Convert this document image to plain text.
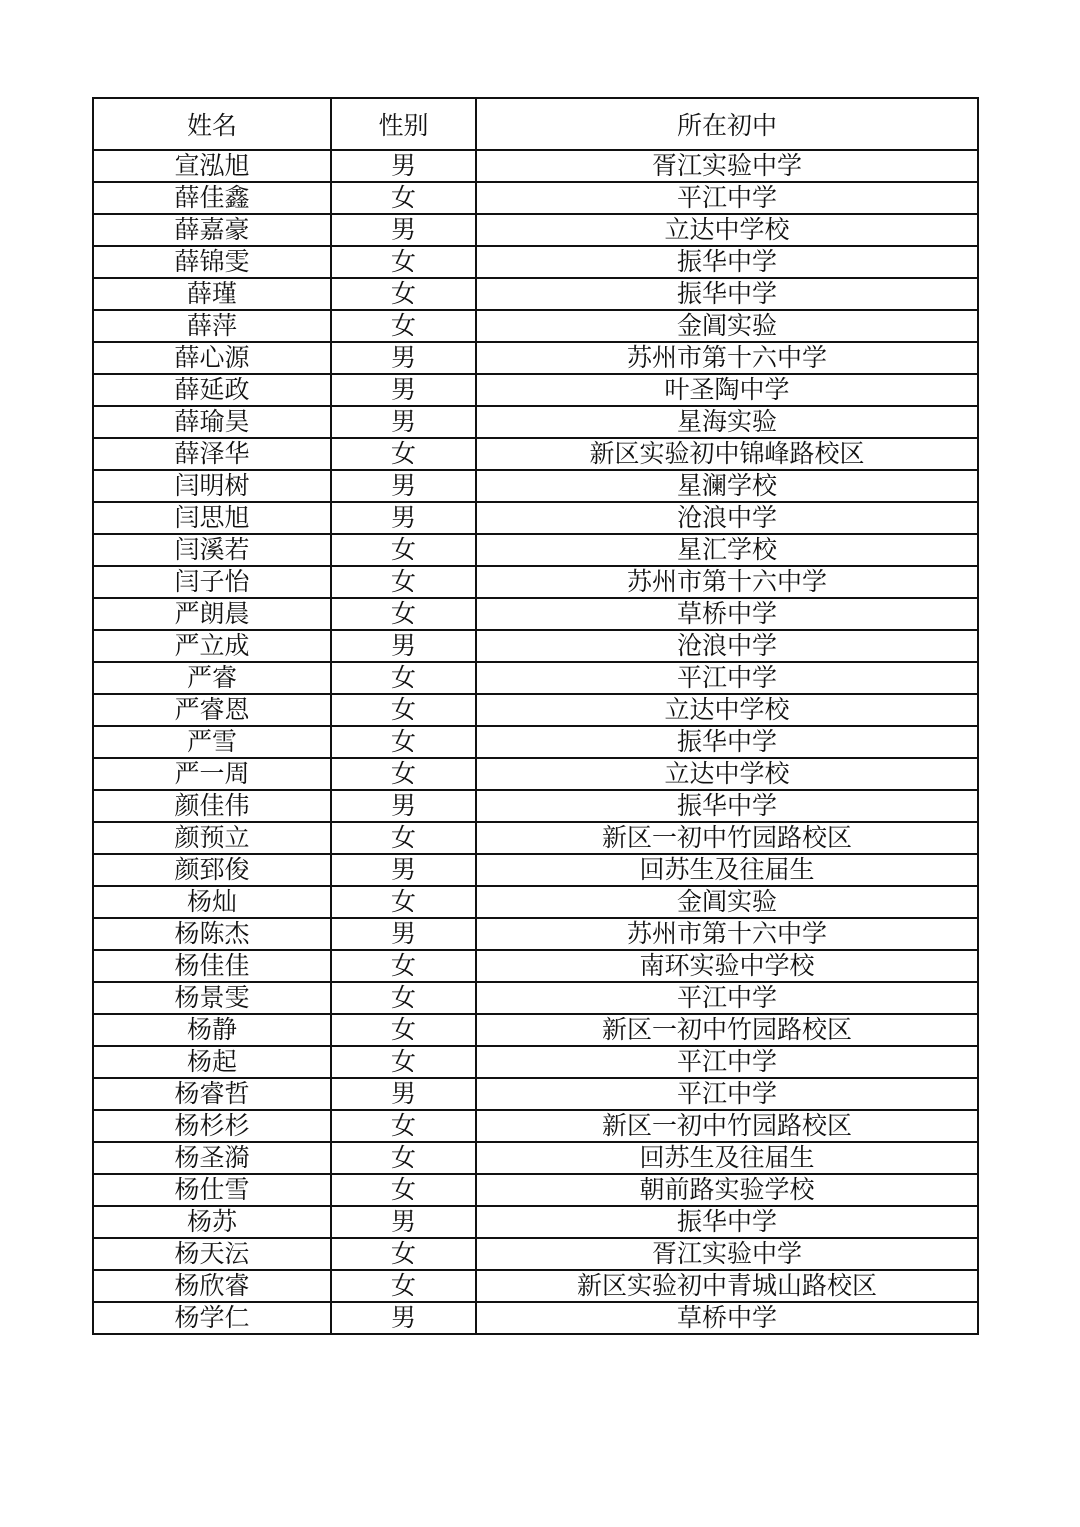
姓名	性别	所在初中
宣泓旭	男	胥江实验中学
薛佳鑫	女	平江中学
薛嘉豪	男	立达中学校
薛锦雯	女	振华中学
薛瑾	女	振华中学
薛萍	女	金阊实验
薛心源	男	苏州市第十六中学
薛延政	男	叶圣陶中学
薛瑜昊	男	星海实验
薛泽华	女	新区实验初中锦峰路校区
闫明树	男	星澜学校
闫思旭	男	沧浪中学
闫溪若	女	星汇学校
闫子怡	女	苏州市第十六中学
严朗晨	女	草桥中学
严立成	男	沧浪中学
严睿	女	平江中学
严睿恩	女	立达中学校
严雪	女	振华中学
严一周	女	立达中学校
颜佳伟	男	振华中学
颜预立	女	新区一初中竹园路校区
颜郅俊	男	回苏生及往届生
杨灿	女	金阊实验
杨陈杰	男	苏州市第十六中学
杨佳佳	女	南环实验中学校
杨景雯	女	平江中学
杨静	女	新区一初中竹园路校区
杨起	女	平江中学
杨睿哲	男	平江中学
杨杉杉	女	新区一初中竹园路校区
杨圣漪	女	回苏生及往届生
杨仕雪	女	朝前路实验学校
杨苏	男	振华中学
杨天沄	女	胥江实验中学
杨欣睿	女	新区实验初中青城山路校区
杨学仁	男	草桥中学
